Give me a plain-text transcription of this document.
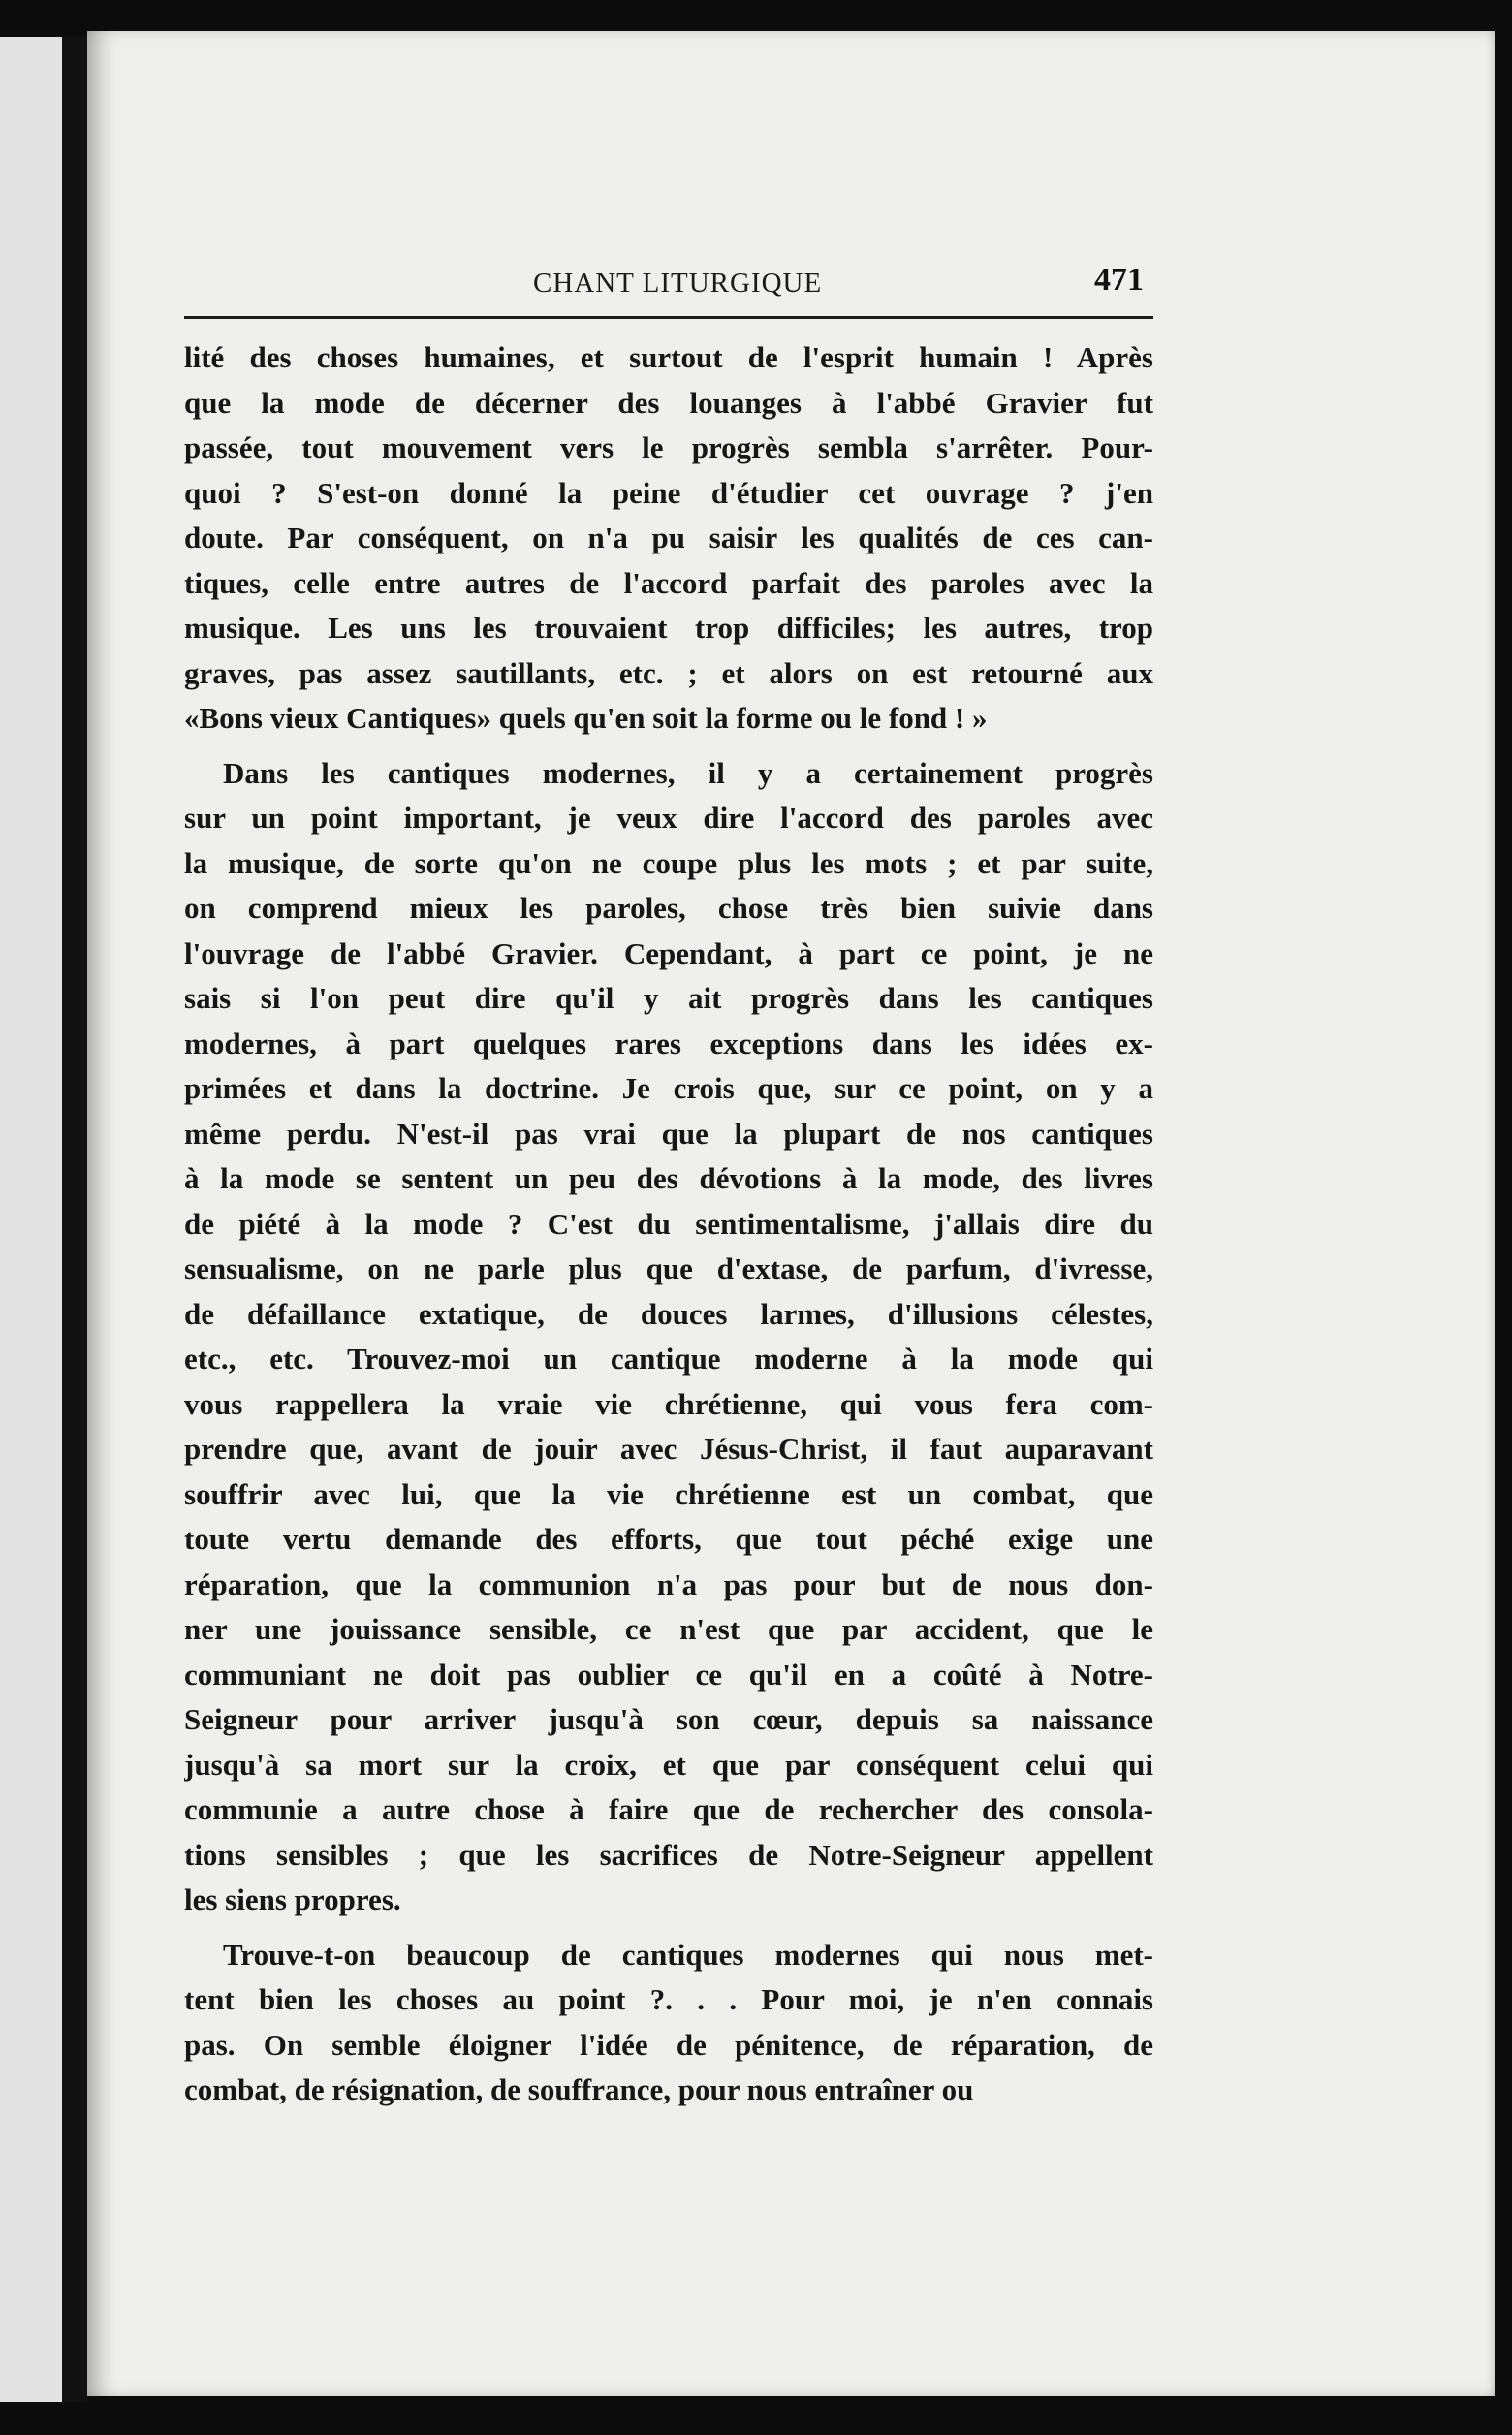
CHANT LITURGIQUE	471
lité des choses humaines, et surtout de l'esprit humain ! Après
que la mode de décerner des louanges à l'abbé Gravier fut
passée, tout mouvement vers le progrès sembla s'arrêter. Pour-
quoi ? S'est-on donné la peine d'étudier cet ouvrage ? j'en
doute. Par conséquent, on n'a pu saisir les qualités de ces can-
tiques, celle entre autres de l'accord parfait des paroles avec la
musique. Les uns les trouvaient trop difficiles; les autres, trop
graves, pas assez sautillants, etc. ; et alors on est retourné aux
«Bons vieux Cantiques» quels qu'en soit la forme ou le fond ! »
Dans les cantiques modernes, il y a certainement progrès
sur un point important, je veux dire l'accord des paroles avec
la musique, de sorte qu'on ne coupe plus les mots ; et par suite,
on comprend mieux les paroles, chose très bien suivie dans
l'ouvrage de l'abbé Gravier. Cependant, à part ce point, je ne
sais si l'on peut dire qu'il y ait progrès dans les cantiques
modernes, à part quelques rares exceptions dans les idées ex-
primées et dans la doctrine. Je crois que, sur ce point, on y a
même perdu. N'est-il pas vrai que la plupart de nos cantiques
à la mode se sentent un peu des dévotions à la mode, des livres
de piété à la mode ? C'est du sentimentalisme, j'allais dire du
sensualisme, on ne parle plus que d'extase, de parfum, d'ivresse,
de défaillance extatique, de douces larmes, d'illusions célestes,
etc., etc. Trouvez-moi un cantique moderne à la mode qui
vous rappellera la vraie vie chrétienne, qui vous fera com-
prendre que, avant de jouir avec Jésus-Christ, il faut auparavant
souffrir avec lui, que la vie chrétienne est un combat, que
toute vertu demande des efforts, que tout péché exige une
réparation, que la communion n'a pas pour but de nous don-
ner une jouissance sensible, ce n'est que par accident, que le
communiant ne doit pas oublier ce qu'il en a coûté à Notre-
Seigneur pour arriver jusqu'à son cœur, depuis sa naissance
jusqu'à sa mort sur la croix, et que par conséquent celui qui
communie a autre chose à faire que de rechercher des consola-
tions sensibles ; que les sacrifices de Notre-Seigneur appellent
les siens propres.
Trouve-t-on beaucoup de cantiques modernes qui nous met-
tent bien les choses au point ?. . . Pour moi, je n'en connais
pas. On semble éloigner l'idée de pénitence, de réparation, de
combat, de résignation, de souffrance, pour nous entraîner ou
